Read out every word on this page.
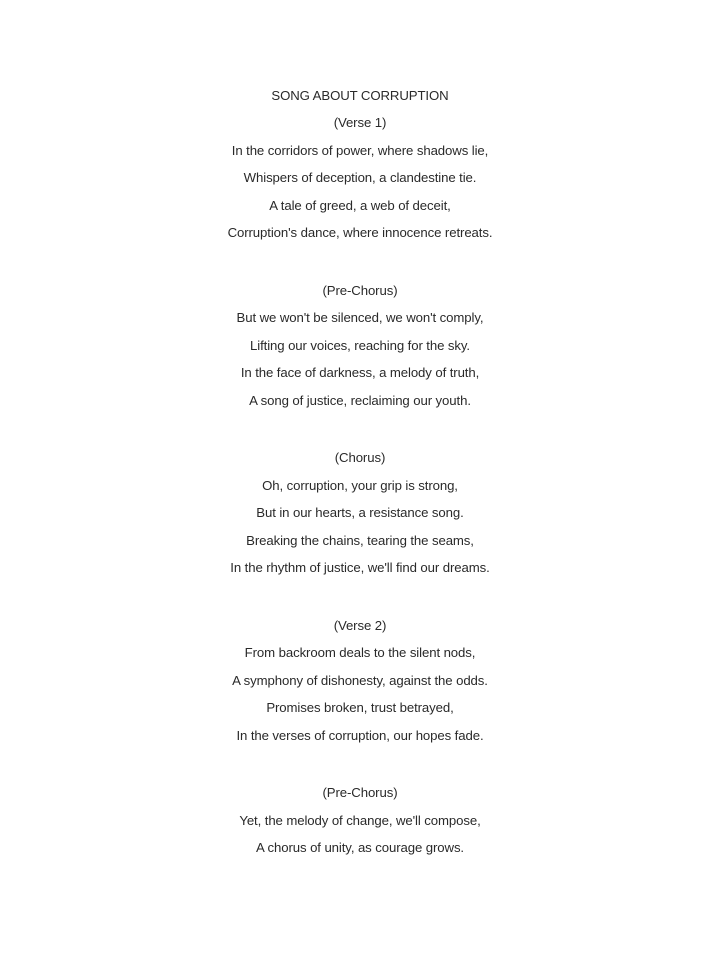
SONG ABOUT CORRUPTION
(Verse 1)
In the corridors of power, where shadows lie,
Whispers of deception, a clandestine tie.
A tale of greed, a web of deceit,
Corruption's dance, where innocence retreats.
(Pre-Chorus)
But we won't be silenced, we won't comply,
Lifting our voices, reaching for the sky.
In the face of darkness, a melody of truth,
A song of justice, reclaiming our youth.
(Chorus)
Oh, corruption, your grip is strong,
But in our hearts, a resistance song.
Breaking the chains, tearing the seams,
In the rhythm of justice, we'll find our dreams.
(Verse 2)
From backroom deals to the silent nods,
A symphony of dishonesty, against the odds.
Promises broken, trust betrayed,
In the verses of corruption, our hopes fade.
(Pre-Chorus)
Yet, the melody of change, we'll compose,
A chorus of unity, as courage grows.
